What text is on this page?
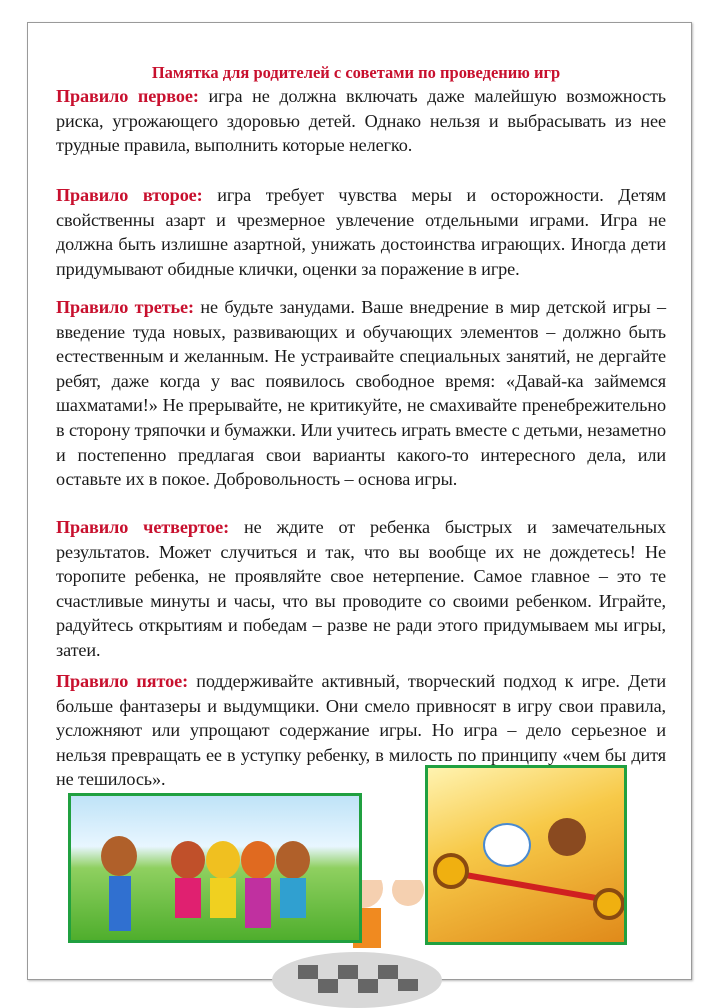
Памятка для родителей с советами по проведению игр

Правило первое: игра не должна включать даже малейшую возможность риска, угрожающего здоровью детей. Однако нельзя и выбрасывать из нее трудные правила, выполнить которые нелегко.

Правило второе: игра требует чувства меры и осторожности. Детям свойственны азарт и чрезмерное увлечение отдельными играми. Игра не должна быть излишне азартной, унижать достоинства играющих. Иногда дети придумывают обидные клички, оценки за поражение в игре.

Правило третье: не будьте занудами. Ваше внедрение в мир детской игры – введение туда новых, развивающих и обучающих элементов – должно быть естественным и желанным. Не устраивайте специальных занятий, не дергайте ребят, даже когда у вас появилось свободное время: «Давай-ка займемся шахматами!» Не прерывайте, не критикуйте, не смахивайте пренебрежительно в сторону тряпочки и бумажки. Или учитесь играть вместе с детьми, незаметно и постепенно предлагая свои варианты какого-то интересного дела, или оставьте их в покое. Добровольность – основа игры.

Правило четвертое: не ждите от ребенка быстрых и замечательных результатов. Может случиться и так, что вы вообще их не дождетесь! Не торопите ребенка, не проявляйте свое нетерпение. Самое главное – это те счастливые минуты и часы, что вы проводите со своими ребенком. Играйте, радуйтесь открытиям и победам – разве не ради этого придумываем мы игры, затеи.

Правило пятое: поддерживайте активный, творческий подход к игре. Дети больше фантазеры и выдумщики. Они смело привносят в игру свои правила, усложняют или упрощают содержание игры. Но игра – дело серьезное и нельзя превращать ее в уступку ребенку, в милость по принципу «чем бы дитя не тешилось».
